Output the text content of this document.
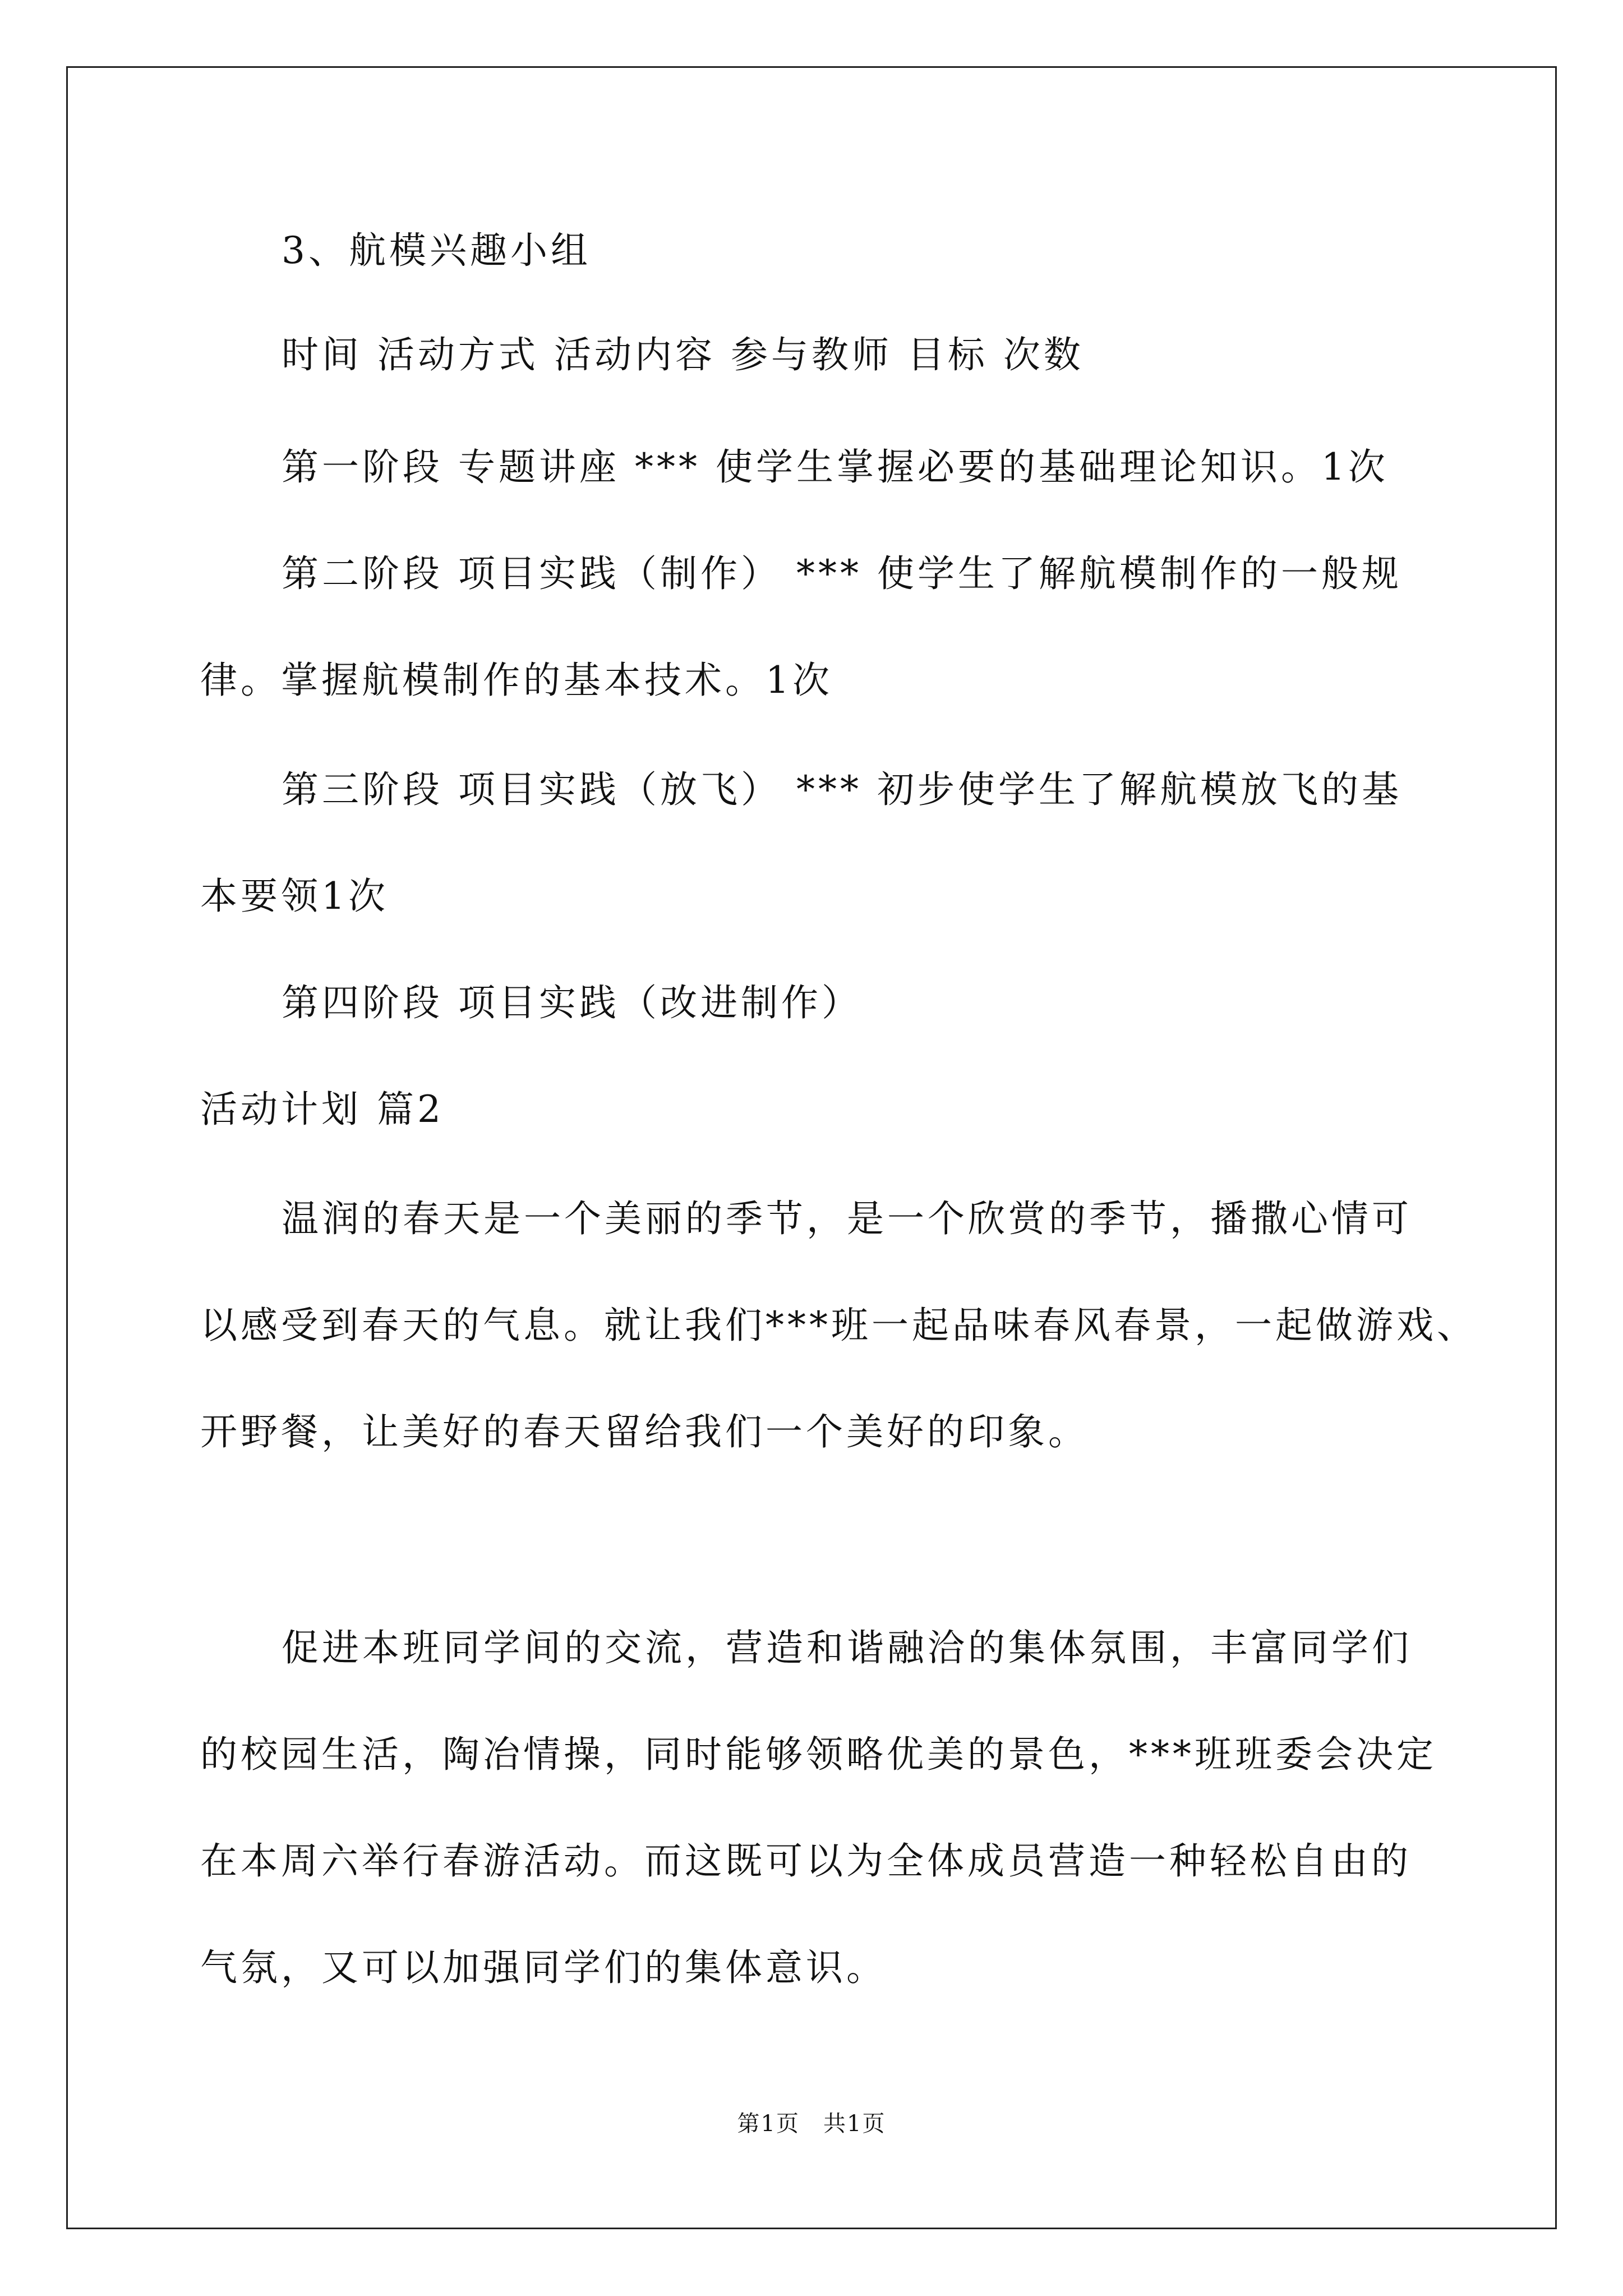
3、航模兴趣小组
时间 活动方式 活动内容 参与教师 目标 次数
第一阶段 专题讲座 *** 使学生掌握必要的基础理论知识。1次
第二阶段 项目实践（制作） *** 使学生了解航模制作的一般规
律。掌握航模制作的基本技术。1次
第三阶段 项目实践（放飞） *** 初步使学生了解航模放飞的基
本要领1次
第四阶段 项目实践（改进制作）
活动计划 篇2
温润的春天是一个美丽的季节，是一个欣赏的季节，播撒心情可
以感受到春天的气息。就让我们***班一起品味春风春景，一起做游戏、
开野餐，让美好的春天留给我们一个美好的印象。
促进本班同学间的交流，营造和谐融洽的集体氛围，丰富同学们
的校园生活，陶冶情操，同时能够领略优美的景色，***班班委会决定
在本周六举行春游活动。而这既可以为全体成员营造一种轻松自由的
气氛，又可以加强同学们的集体意识。
第1页　共1页
